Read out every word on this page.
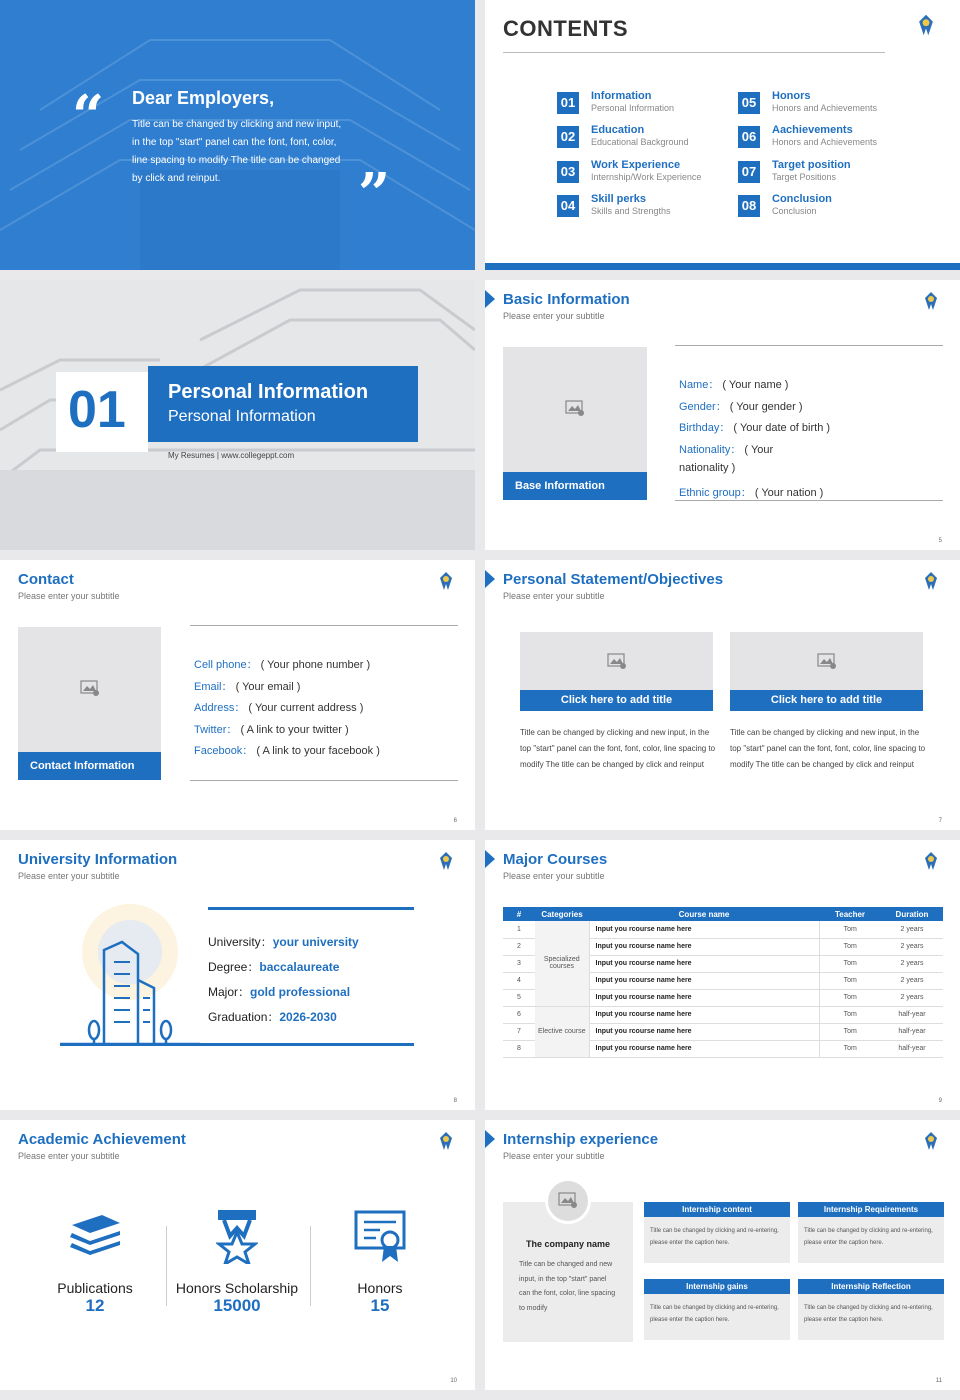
“ Dear Employers,
Title can be changed by clicking and new input, in the top "start" panel can the font, font, color, line spacing to modify The title can be changed by click and reinput.	”
CONTENTS
01	Information
Personal Information
02	Education
Educational Background
03	Work Experience
Internship/Work Experience
04	Skill perks
Skills and Strengths
05	Honors
Honors and Achievements
06	Aachievements
Honors and Achievements
07	Target position
Target Positions
08	Conclusion
Conclusion
01 Personal Information
Personal Information
My Resumes | www.collegeppt.com
Basic Information
Please enter your subtitle
Base Information
Name： ( Your name )
Gender： ( Your gender )
Birthday： ( Your date of birth )
Nationality： ( Your
nationality )
Ethnic group： ( Your nation )
5
Contact
Please enter your subtitle
Contact Information
Cell phone： ( Your phone number )
Email： ( Your email )
Address： ( Your current address )
Twitter： ( A link to your twitter )
Facebook： ( A link to your facebook )
6
Personal Statement/Objectives
Please enter your subtitle
Click here to add title
Title can be changed by clicking and new input, in the top "start" panel can the font, font, color, line spacing to modify The title can be changed by click and reinput
Click here to add title
Title can be changed by clicking and new input, in the top "start" panel can the font, font, color, line spacing to modify The title can be changed by click and reinput
7
University Information
Please enter your subtitle
University：your university
Degree：baccalaureate
Major：gold professional
Graduation：2026-2030
8
Major Courses
Please enter your subtitle
#	Categories	Course name	Teacher	Duration
1	Specialized courses	Input you rcourse name here	Tom	2 years
2		Input you rcourse name here	Tom	2 years
3		Input you rcourse name here	Tom	2 years
4		Input you rcourse name here	Tom	2 years
5		Input you rcourse name here	Tom	2 years
6	Elective course	Input you rcourse name here	Tom	half-year
7		Input you rcourse name here	Tom	half-year
8		Input you rcourse name here	Tom	half-year
9
Academic Achievement
Please enter your subtitle
Publications
12
Honors Scholarship
15000
Honors
15
10
Internship experience
Please enter your subtitle
The company name
Title can be changed and new input, in the top "start" panel can the font, color, line spacing to modify
Internship content
Title can be changed by clicking and re-entering, please enter the caption here.
Internship Requirements
Title can be changed by clicking and re-entering, please enter the caption here.
Internship gains
Title can be changed by clicking and re-entering, please enter the caption here.
Internship Reflection
Title can be changed by clicking and re-entering, please enter the caption here.
11
